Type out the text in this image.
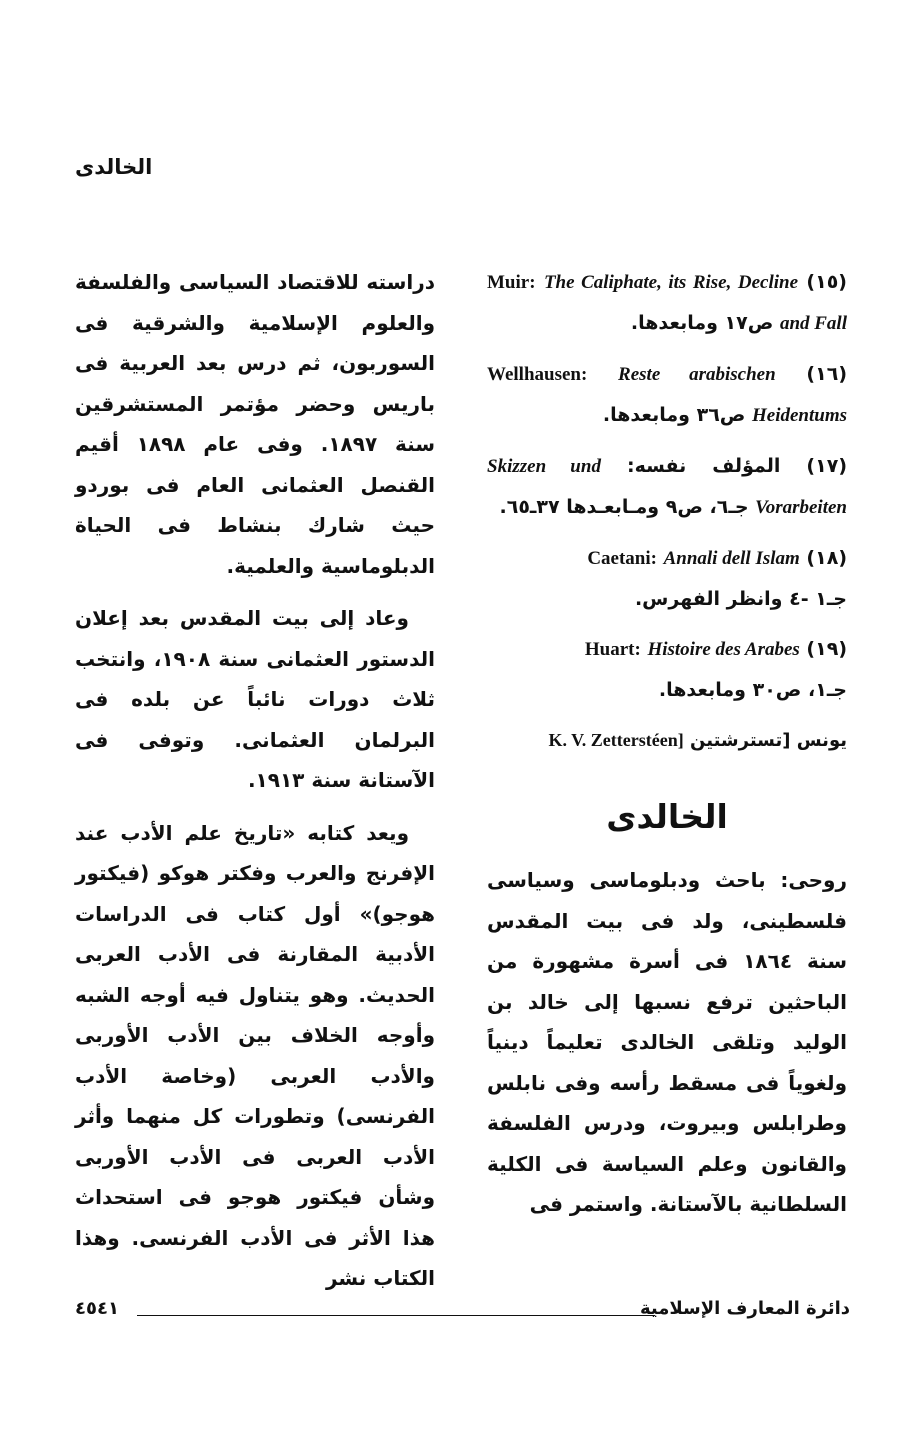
الخالدى
(١٥) Muir: The Caliphate, its Rise, Decline and Fall ص١٧ ومابعدها.
(١٦) Wellhausen: Reste arabischen Heidentums ص٣٦ ومابعدها.
(١٧) المؤلف نفسه: Skizzen und Vorarbeiten جـ٦، ص٩ ومـابعـدها ٣٧ـ٦٥.
(١٨) Caetani: Annali dell Islam
جـ١ -٤ وانظر الفهرس.
(١٩) Huart: Histoire des Arabes
جـ١، ص٣٠ ومابعدها.
يونس [تسترشتين K. V. Zetterstéen]
الخالدى

روحى: باحث ودبلوماسى وسياسى فلسطينى، ولد فى بيت المقدس سنة ١٨٦٤ فى أسرة مشهورة من الباحثين ترفع نسبها إلى خالد بن الوليد وتلقى الخالدى تعليماً دينياً ولغوياً فى مسقط رأسه وفى نابلس وطرابلس وبيروت، ودرس الفلسفة والقانون وعلم السياسة فى الكلية السلطانية بالآستانة. واستمر فى

دراسته للاقتصاد السياسى والفلسفة والعلوم الإسلامية والشرقية فى السوربون، ثم درس بعد العربية فى باريس وحضر مؤتمر المستشرقين سنة ١٨٩٧. وفى عام ١٨٩٨ أقيم القنصل العثمانى العام فى بوردو حيث شارك بنشاط فى الحياة الدبلوماسية والعلمية.

وعاد إلى بيت المقدس بعد إعلان الدستور العثمانى سنة ١٩٠٨، وانتخب ثلاث دورات نائباً عن بلده فى البرلمان العثمانى. وتوفى فى الآستانة سنة ١٩١٣.

ويعد كتابه «تاريخ علم الأدب عند الإفرنج والعرب وفكتر هوكو (فيكتور هوجو)» أول كتاب فى الدراسات الأدبية المقارنة فى الأدب العربى الحديث. وهو يتناول فيه أوجه الشبه وأوجه الخلاف بين الأدب الأوربى والأدب العربى (وخاصة الأدب الفرنسى) وتطورات كل منهما وأثر الأدب العربى فى الأدب الأوربى وشأن فيكتور هوجو فى استحداث هذا الأثر فى الأدب الفرنسى. وهذا الكتاب نشر

دائرة المعارف الإسلامية
٤٥٤١
